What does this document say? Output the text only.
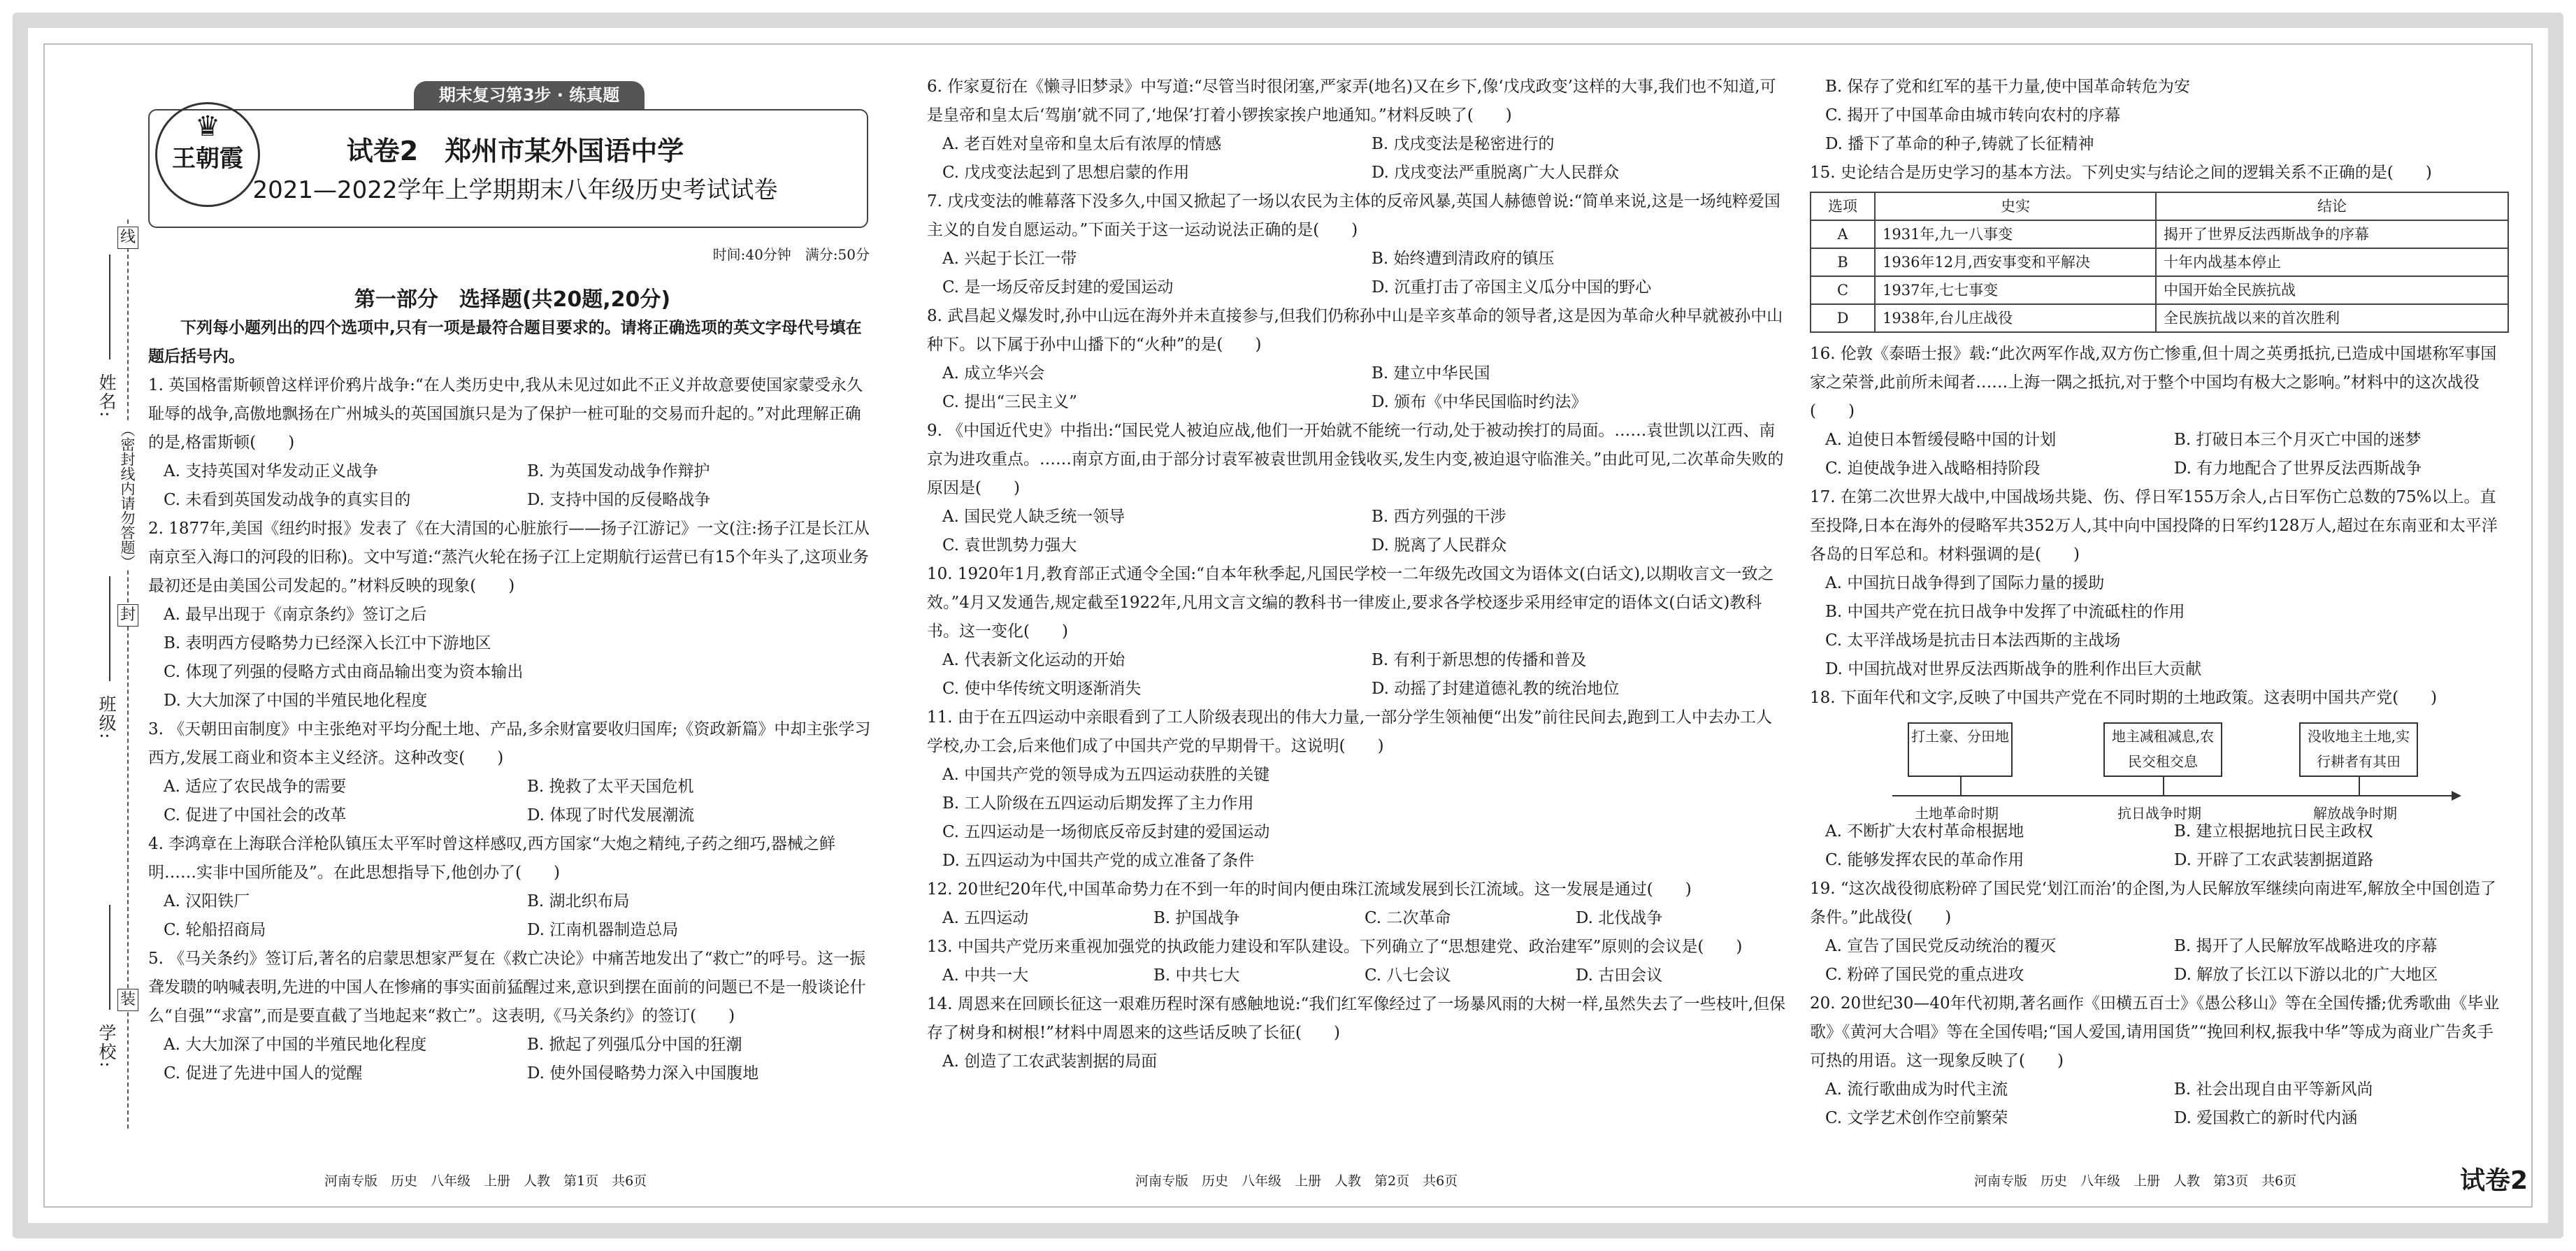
姓名:
班级:
学校:
线
（密封线内请勿答题）
封
装
期末复习第3步 · 练真题
♛
王朝霞	试卷2　郑州市某外国语中学
2021—2022学年上学期期末八年级历史考试试卷
时间:40分钟　满分:50分
第一部分　选择题(共20题,20分)

下列每小题列出的四个选项中,只有一项是最符合题目要求的。请将正确选项的英文字母代号填在题后括号内。

1. 英国格雷斯顿曾这样评价鸦片战争:“在人类历史中,我从未见过如此不正义并故意要使国家蒙受永久耻辱的战争,高傲地飘扬在广州城头的英国国旗只是为了保护一桩可耻的交易而升起的。”对此理解正确的是,格雷斯顿(　　)

A. 支持英国对华发动正义战争	B. 为英国发动战争作辩护
C. 未看到英国发动战争的真实目的	D. 支持中国的反侵略战争

2. 1877年,美国《纽约时报》发表了《在大清国的心脏旅行——扬子江游记》一文(注:扬子江是长江从南京至入海口的河段的旧称)。文中写道:“蒸汽火轮在扬子江上定期航行运营已有15个年头了,这项业务最初还是由美国公司发起的。”材料反映的现象(　　)

A. 最早出现于《南京条约》签订之后
B. 表明西方侵略势力已经深入长江中下游地区
C. 体现了列强的侵略方式由商品输出变为资本输出
D. 大大加深了中国的半殖民地化程度

3. 《天朝田亩制度》中主张绝对平均分配土地、产品,多余财富要收归国库;《资政新篇》中却主张学习西方,发展工商业和资本主义经济。这种改变(　　)

A. 适应了农民战争的需要	B. 挽救了太平天国危机
C. 促进了中国社会的改革	D. 体现了时代发展潮流

4. 李鸿章在上海联合洋枪队镇压太平军时曾这样感叹,西方国家“大炮之精纯,子药之细巧,器械之鲜明……实非中国所能及”。在此思想指导下,他创办了(　　)

A. 汉阳铁厂	B. 湖北织布局
C. 轮船招商局	D. 江南机器制造总局

5. 《马关条约》签订后,著名的启蒙思想家严复在《救亡决论》中痛苦地发出了“救亡”的呼号。这一振聋发聩的呐喊表明,先进的中国人在惨痛的事实面前猛醒过来,意识到摆在面前的问题已不是一般谈论什么“自强”“求富”,而是要直截了当地起来“救亡”。这表明,《马关条约》的签订(　　)

A. 大大加深了中国的半殖民地化程度	B. 掀起了列强瓜分中国的狂潮
C. 促进了先进中国人的觉醒	D. 使外国侵略势力深入中国腹地

6. 作家夏衍在《懒寻旧梦录》中写道:“尽管当时很闭塞,严家弄(地名)又在乡下,像‘戊戌政变’这样的大事,我们也不知道,可是皇帝和皇太后‘驾崩’就不同了,‘地保’打着小锣挨家挨户地通知。”材料反映了(　　)

A. 老百姓对皇帝和皇太后有浓厚的情感	B. 戊戌变法是秘密进行的
C. 戊戌变法起到了思想启蒙的作用	D. 戊戌变法严重脱离广大人民群众

7. 戊戌变法的帷幕落下没多久,中国又掀起了一场以农民为主体的反帝风暴,英国人赫德曾说:“简单来说,这是一场纯粹爱国主义的自发自愿运动。”下面关于这一运动说法正确的是(　　)

A. 兴起于长江一带	B. 始终遭到清政府的镇压
C. 是一场反帝反封建的爱国运动	D. 沉重打击了帝国主义瓜分中国的野心

8. 武昌起义爆发时,孙中山远在海外并未直接参与,但我们仍称孙中山是辛亥革命的领导者,这是因为革命火种早就被孙中山种下。以下属于孙中山播下的“火种”的是(　　)

A. 成立华兴会	B. 建立中华民国
C. 提出“三民主义”	D. 颁布《中华民国临时约法》

9. 《中国近代史》中指出:“国民党人被迫应战,他们一开始就不能统一行动,处于被动挨打的局面。……袁世凯以江西、南京为进攻重点。……南京方面,由于部分讨袁军被袁世凯用金钱收买,发生内变,被迫退守临淮关。”由此可见,二次革命失败的原因是(　　)

A. 国民党人缺乏统一领导	B. 西方列强的干涉
C. 袁世凯势力强大	D. 脱离了人民群众

10. 1920年1月,教育部正式通令全国:“自本年秋季起,凡国民学校一二年级先改国文为语体文(白话文),以期收言文一致之效。”4月又发通告,规定截至1922年,凡用文言文编的教科书一律废止,要求各学校逐步采用经审定的语体文(白话文)教科书。这一变化(　　)

A. 代表新文化运动的开始	B. 有利于新思想的传播和普及
C. 使中华传统文明逐渐消失	D. 动摇了封建道德礼教的统治地位

11. 由于在五四运动中亲眼看到了工人阶级表现出的伟大力量,一部分学生领袖便“出发”前往民间去,跑到工人中去办工人学校,办工会,后来他们成了中国共产党的早期骨干。这说明(　　)

A. 中国共产党的领导成为五四运动获胜的关键
B. 工人阶级在五四运动后期发挥了主力作用
C. 五四运动是一场彻底反帝反封建的爱国运动
D. 五四运动为中国共产党的成立准备了条件

12. 20世纪20年代,中国革命势力在不到一年的时间内便由珠江流域发展到长江流域。这一发展是通过(　　)

A. 五四运动	B. 护国战争	C. 二次革命	D. 北伐战争

13. 中国共产党历来重视加强党的执政能力建设和军队建设。下列确立了“思想建党、政治建军”原则的会议是(　　)

A. 中共一大	B. 中共七大	C. 八七会议	D. 古田会议

14. 周恩来在回顾长征这一艰难历程时深有感触地说:“我们红军像经过了一场暴风雨的大树一样,虽然失去了一些枝叶,但保存了树身和树根!”材料中周恩来的这些话反映了长征(　　)

A. 创造了工农武装割据的局面
B. 保存了党和红军的基干力量,使中国革命转危为安
C. 揭开了中国革命由城市转向农村的序幕
D. 播下了革命的种子,铸就了长征精神

15. 史论结合是历史学习的基本方法。下列史实与结论之间的逻辑关系不正确的是(　　)

选项	史实	结论
A	1931年,九一八事变	揭开了世界反法西斯战争的序幕
B	1936年12月,西安事变和平解决	十年内战基本停止
C	1937年,七七事变	中国开始全民族抗战
D	1938年,台儿庄战役	全民族抗战以来的首次胜利

16. 伦敦《泰晤士报》载:“此次两军作战,双方伤亡惨重,但十周之英勇抵抗,已造成中国堪称军事国家之荣誉,此前所未闻者……上海一隅之抵抗,对于整个中国均有极大之影响。”材料中的这次战役(　　)

A. 迫使日本暂缓侵略中国的计划	B. 打破日本三个月灭亡中国的迷梦
C. 迫使战争进入战略相持阶段	D. 有力地配合了世界反法西斯战争

17. 在第二次世界大战中,中国战场共毙、伤、俘日军155万余人,占日军伤亡总数的75%以上。直至投降,日本在海外的侵略军共352万人,其中向中国投降的日军约128万人,超过在东南亚和太平洋各岛的日军总和。材料强调的是(　　)

A. 中国抗日战争得到了国际力量的援助
B. 中国共产党在抗日战争中发挥了中流砥柱的作用
C. 太平洋战场是抗击日本法西斯的主战场
D. 中国抗战对世界反法西斯战争的胜利作出巨大贡献

18. 下面年代和文字,反映了中国共产党在不同时期的土地政策。这表明中国共产党(　　)

打土豪、分田地	地主减租减息,农民交租交息
没收地主土地,实行耕者有其田
土地革命时期	抗日战争时期	解放战争时期
A. 不断扩大农村革命根据地	B. 建立根据地抗日民主政权
C. 能够发挥农民的革命作用	D. 开辟了工农武装割据道路

19. “这次战役彻底粉碎了国民党‘划江而治’的企图,为人民解放军继续向南进军,解放全中国创造了条件。”此战役(　　)

A. 宣告了国民党反动统治的覆灭	B. 揭开了人民解放军战略进攻的序幕
C. 粉碎了国民党的重点进攻	D. 解放了长江以下游以北的广大地区

20. 20世纪30—40年代初期,著名画作《田横五百士》《愚公移山》等在全国传播;优秀歌曲《毕业歌》《黄河大合唱》等在全国传唱;“国人爱国,请用国货”“挽回利权,振我中华”等成为商业广告炙手可热的用语。这一现象反映了(　　)

A. 流行歌曲成为时代主流	B. 社会出现自由平等新风尚
C. 文学艺术创作空前繁荣	D. 爱国救亡的新时代内涵
河南专版　历史　八年级　上册　人教　第1页　共6页	河南专版　历史　八年级　上册　人教　第2页　共6页	河南专版　历史　八年级　上册　人教　第3页　共6页	试卷2
